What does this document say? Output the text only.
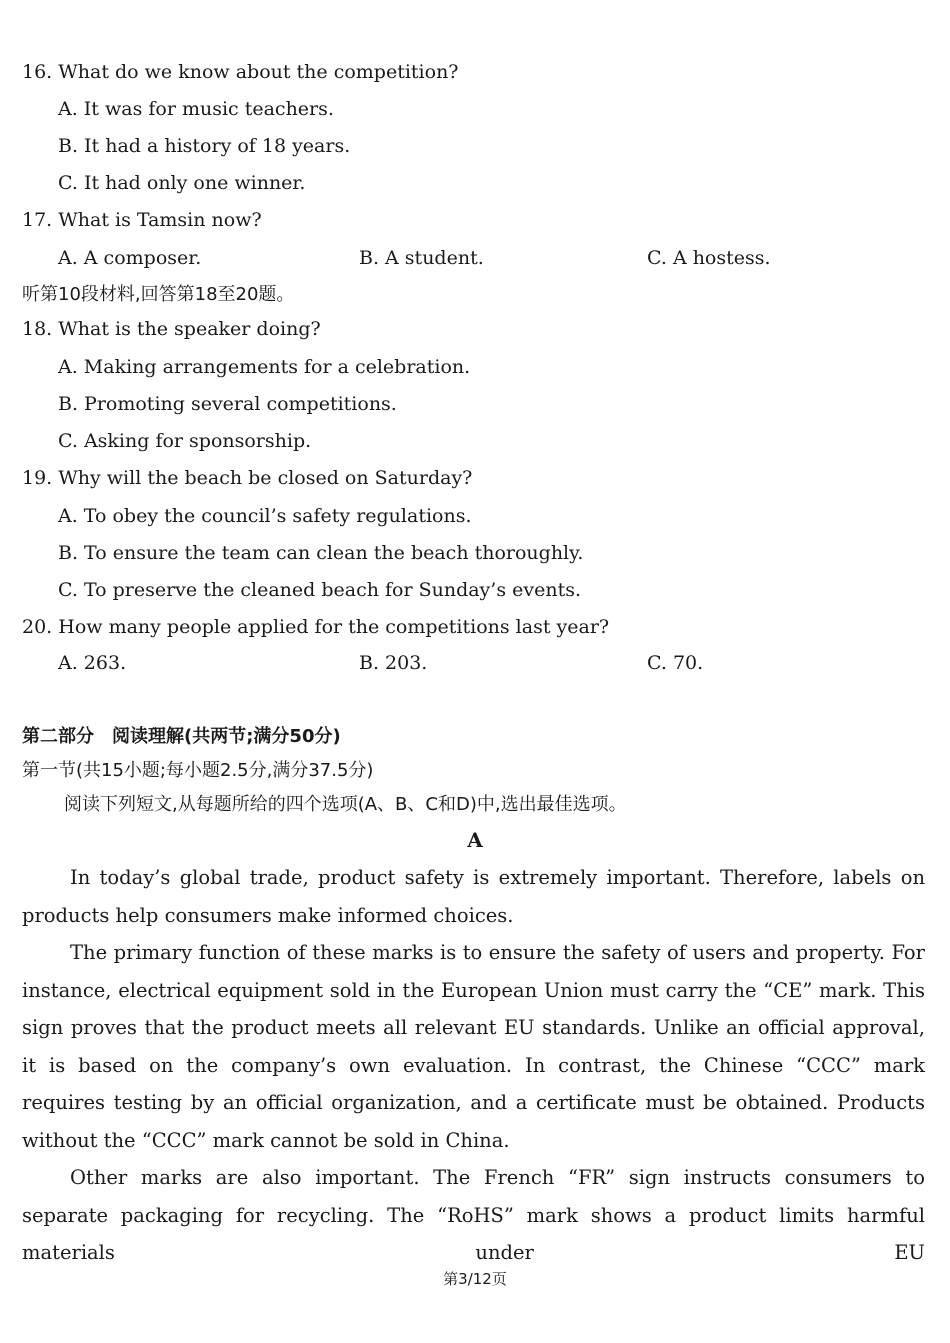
16. What do we know about the competition?
A. It was for music teachers.
B. It had a history of 18 years.
C. It had only one winner.
17. What is Tamsin now?
A. A composer.	B. A student.	C. A hostess.
听第10段材料,回答第18至20题。
18. What is the speaker doing?
A. Making arrangements for a celebration.
B. Promoting several competitions.
C. Asking for sponsorship.
19. Why will the beach be closed on Saturday?
A. To obey the council’s safety regulations.
B. To ensure the team can clean the beach thoroughly.
C. To preserve the cleaned beach for Sunday’s events.
20. How many people applied for the competitions last year?
A. 263.	B. 203.	C. 70.
第二部分　阅读理解(共两节;满分50分)
第一节(共15小题;每小题2.5分,满分37.5分)
阅读下列短文,从每题所给的四个选项(A、B、C和D)中,选出最佳选项。
A

In today’s global trade, product safety is extremely important. Therefore, labels on products help consumers make informed choices.

The primary function of these marks is to ensure the safety of users and property. For instance, electrical equipment sold in the European Union must carry the “CE” mark. This sign proves that the product meets all relevant EU standards. Unlike an official approval, it is based on the company’s own evaluation. In contrast, the Chinese “CCC” mark requires testing by an official organization, and a certificate must be obtained. Products without the “CCC” mark cannot be sold in China.

Other marks are also important. The French “FR” sign instructs consumers to separate packaging for recycling. The “RoHS” mark shows a product limits harmful materials under EU

第3/12页
